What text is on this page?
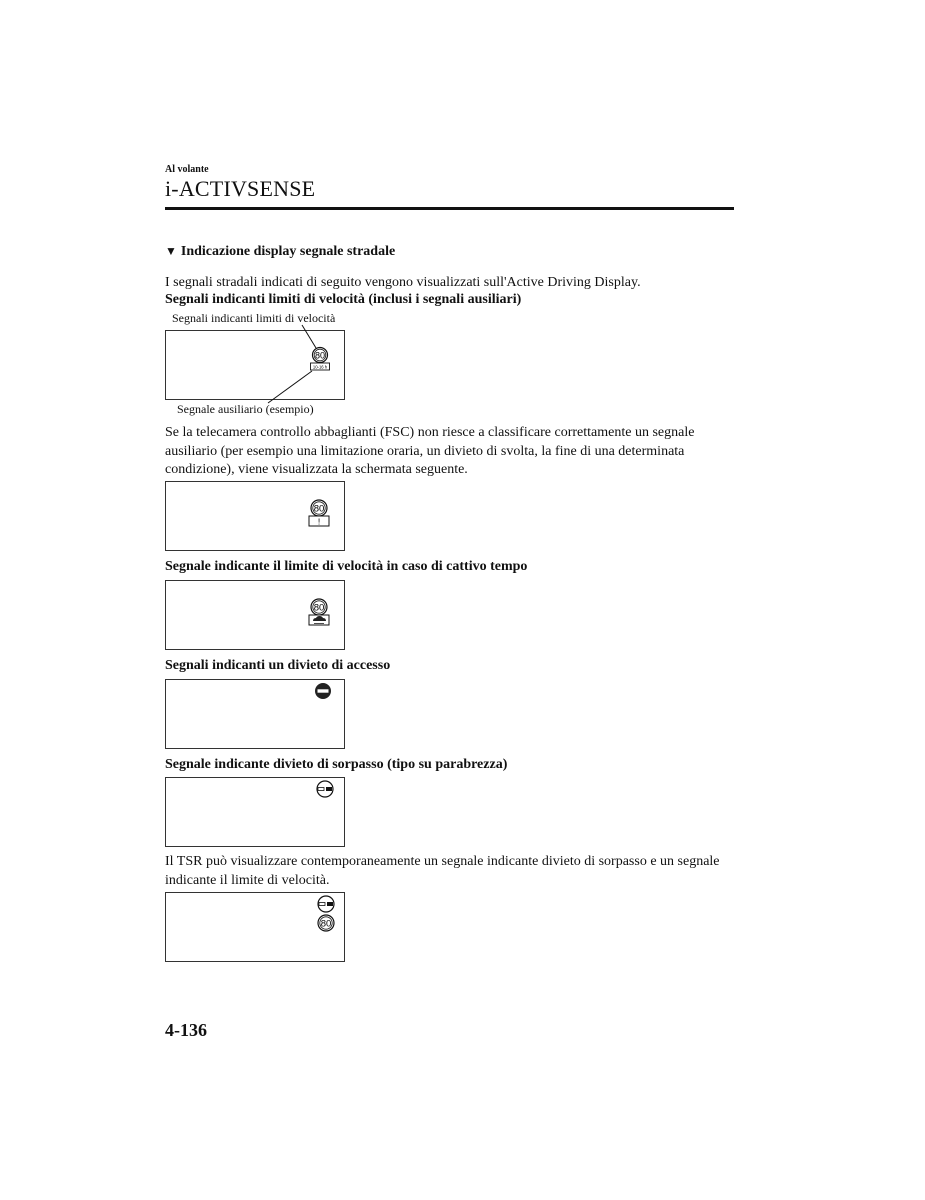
Al volante
i-ACTIVSENSE
▼ Indicazione display segnale stradale
I segnali stradali indicati di seguito vengono visualizzati sull'Active Driving Display.
Segnali indicanti limiti di velocità (inclusi i segnali ausiliari)
Segnali indicanti limiti di velocità
80
10-16 h
Segnale ausiliario (esempio)
Se la telecamera controllo abbaglianti (FSC) non riesce a classificare correttamente un segnale ausiliario (per esempio una limitazione oraria, un divieto di svolta, la fine di una determinata condizione), viene visualizzata la schermata seguente.
80
!
Segnale indicante il limite di velocità in caso di cattivo tempo
80
Segnali indicanti un divieto di accesso
Segnale indicante divieto di sorpasso (tipo su parabrezza)
Il TSR può visualizzare contemporaneamente un segnale indicante divieto di sorpasso e un segnale indicante il limite di velocità.
80
4-136
